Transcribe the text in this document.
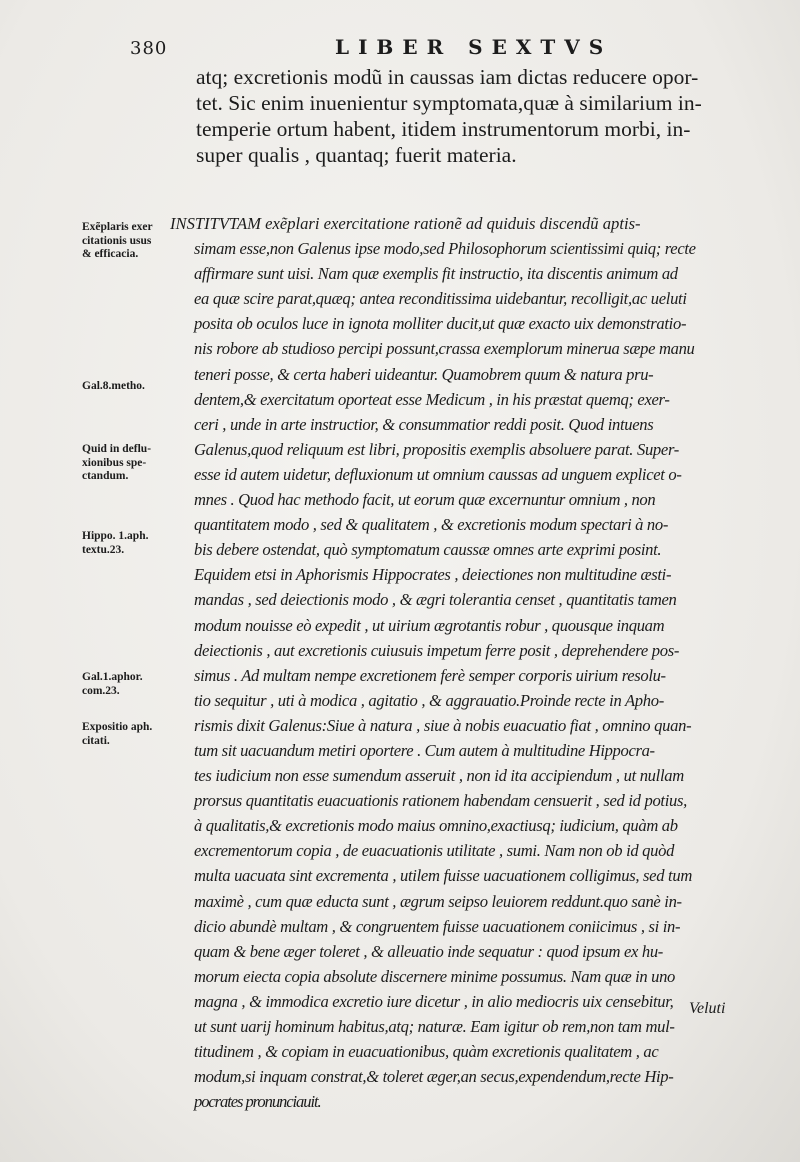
380	LIBER SEXTVS
atq; excretionis modũ in caussas iam dictas reducere opor-
tet. Sic enim inuenientur symptomata,quæ à similarium in-
temperie ortum habent, itidem instrumentorum morbi, in-
super qualis , quantaq; fuerit materia.
Exẽplaris exer
citationis usus
& efficacia.
Gal.8.metho.
Quid in deflu-
xionibus spe-
ctandum.
Hippo. 1.aph.
textu.23.
Gal.1.aphor.
com.23.
Expositio aph.
citati.
INSTITVTAM exẽplari exercitatione rationẽ ad quiduis discendũ aptis-
simam esse,non Galenus ipse modo,sed Philosophorum scientissimi quiq; recte
affirmare sunt uisi. Nam quæ exemplis fit instructio, ita discentis animum ad
ea quæ scire parat,quæq; antea reconditissima uidebantur, recolligit,ac ueluti
posita ob oculos luce in ignota molliter ducit,ut quæ exacto uix demonstratio-
nis robore ab studioso percipi possunt,crassa exemplorum minerua sæpe manu
teneri posse, & certa haberi uideantur. Quamobrem quum & natura pru-
dentem,& exercitatum oporteat esse Medicum , in his præstat quemq; exer-
ceri , unde in arte instructior, & consummatior reddi posit. Quod intuens
Galenus,quod reliquum est libri, propositis exemplis absoluere parat. Super-
esse id autem uidetur, defluxionum ut omnium caussas ad unguem explicet o-
mnes . Quod hac methodo facit, ut eorum quæ excernuntur omnium , non
quantitatem modo , sed & qualitatem , & excretionis modum spectari à no-
bis debere ostendat, quò symptomatum caussæ omnes arte exprimi posint.
Equidem etsi in Aphorismis Hippocrates , deiectiones non multitudine æsti-
mandas , sed deiectionis modo , & ægri tolerantia censet , quantitatis tamen
modum nouisse eò expedit , ut uirium ægrotantis robur , quousque inquam
deiectionis , aut excretionis cuiusuis impetum ferre posit , deprehendere pos-
simus . Ad multam nempe excretionem ferè semper corporis uirium resolu-
tio sequitur , uti à modica , agitatio , & aggrauatio.Proinde recte in Apho-
rismis dixit Galenus:Siue à natura , siue à nobis euacuatio fiat , omnino quan-
tum sit uacuandum metiri oportere . Cum autem à multitudine Hippocra-
tes iudicium non esse sumendum asseruit , non id ita accipiendum , ut nullam
prorsus quantitatis euacuationis rationem habendam censuerit , sed id potius,
à qualitatis,& excretionis modo maius omnino,exactiusq; iudicium, quàm ab
excrementorum copia , de euacuationis utilitate , sumi. Nam non ob id quòd
multa uacuata sint excrementa , utilem fuisse uacuationem colligimus, sed tum
maximè , cum quæ educta sunt , ægrum seipso leuiorem reddunt.quo sanè in-
dicio abundè multam , & congruentem fuisse uacuationem coniicimus , si in-
quam & bene æger toleret , & alleuatio inde sequatur : quod ipsum ex hu-
morum eiecta copia absolute discernere minime possumus. Nam quæ in uno
magna , & immodica excretio iure dicetur , in alio mediocris uix censebitur,
ut sunt uarij hominum habitus,atq; naturæ. Eam igitur ob rem,non tam mul-
titudinem , & copiam in euacuationibus, quàm excretionis qualitatem , ac
modum,si inquam constrat,& toleret æger,an secus,expendendum,recte Hip-
pocrates pronunciauit.
Veluti
